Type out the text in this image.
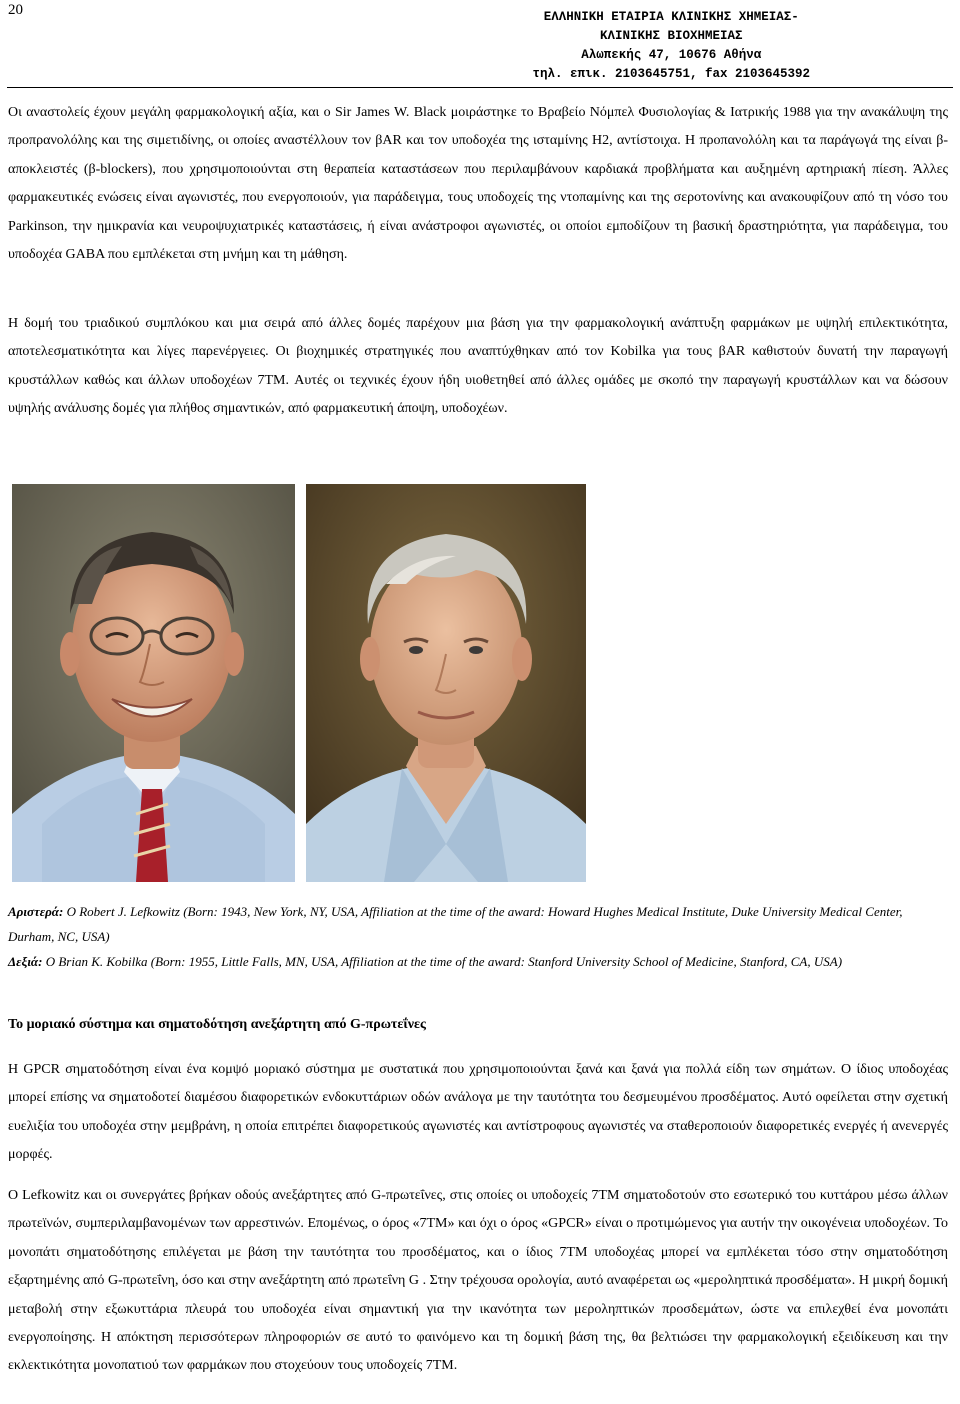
20	ΕΛΛΗΝΙΚΗ ΕΤΑΙΡΙΑ ΚΛΙΝΙΚΗΣ ΧΗΜΕΙΑΣ-
ΚΛΙΝΙΚΗΣ ΒΙΟΧΗΜΕΙΑΣ
Αλωπεκής 47, 10676 Αθήνα
τηλ. επικ. 2103645751, fax 2103645392

Οι αναστολείς έχουν μεγάλη φαρμακολογική αξία, και ο Sir James W. Black μοιράστηκε το Βραβείο Νόμπελ Φυσιολογίας & Ιατρικής 1988 για την ανακάλυψη της προπρανολόλης και της σιμετιδίνης, οι οποίες αναστέλλουν τον βAR και τον υποδοχέα της ισταμίνης H2, αντίστοιχα. Η προπανολόλη και τα παράγωγά της είναι β-αποκλειστές (β-blockers), που χρησιμοποιούνται στη θεραπεία καταστάσεων που περιλαμβάνουν καρδιακά προβλήματα και αυξημένη αρτηριακή πίεση. Άλλες φαρμακευτικές ενώσεις είναι αγωνιστές, που ενεργοποιούν, για παράδειγμα, τους υποδοχείς της ντοπαμίνης και της σεροτονίνης και ανακουφίζουν από τη νόσο του Parkinson, την ημικρανία και νευροψυχιατρικές καταστάσεις, ή είναι ανάστροφοι αγωνιστές, οι οποίοι εμποδίζουν τη βασική δραστηριότητα, για παράδειγμα, του υποδοχέα GABA που εμπλέκεται στη μνήμη και τη μάθηση.

Η δομή του τριαδικού συμπλόκου και μια σειρά από άλλες δομές παρέχουν μια βάση για την φαρμακολογική ανάπτυξη φαρμάκων με υψηλή επιλεκτικότητα, αποτελεσματικότητα και λίγες παρενέργειες. Οι βιοχημικές στρατηγικές που αναπτύχθηκαν από τον Kobilka για τους βAR καθιστούν δυνατή την παραγωγή κρυστάλλων καθώς και άλλων υποδοχέων 7TM. Αυτές οι τεχνικές έχουν ήδη υιοθετηθεί από άλλες ομάδες με σκοπό την παραγωγή κρυστάλλων και να δώσουν υψηλής ανάλυσης δομές για πλήθος σημαντικών, από φαρμακευτική άποψη, υποδοχέων.

Αριστερά: O Robert J. Lefkowitz (Born: 1943, New York, NY, USA, Affiliation at the time of the award: Howard Hughes Medical Institute, Duke University Medical Center, Durham, NC, USA)

Δεξιά: O Brian K. Kobilka (Born: 1955, Little Falls, MN, USA, Affiliation at the time of the award: Stanford University School of Medicine, Stanford, CA, USA)

Το μοριακό σύστημα και σηματοδότηση ανεξάρτητη από G-πρωτεΐνες

Η GPCR σηματοδότηση είναι ένα κομψό μοριακό σύστημα με συστατικά που χρησιμοποιούνται ξανά και ξανά για πολλά είδη των σημάτων. Ο ίδιος υποδοχέας μπορεί επίσης να σηματοδοτεί διαμέσου διαφορετικών ενδοκυττάριων οδών ανάλογα με την ταυτότητα του δεσμευμένου προσδέματος. Αυτό οφείλεται στην σχετική ευελιξία του υποδοχέα στην μεμβράνη, η οποία επιτρέπει διαφορετικούς αγωνιστές και αντίστροφους αγωνιστές να σταθεροποιούν διαφορετικές ενεργές ή ανενεργές μορφές.

Ο Lefkowitz και οι συνεργάτες βρήκαν οδούς ανεξάρτητες από G-πρωτεΐνες, στις οποίες οι υποδοχείς 7TM σηματοδοτούν στο εσωτερικό του κυττάρου μέσω άλλων πρωτεϊνών, συμπεριλαμβανομένων των αρρεστινών. Επομένως, ο όρος «7TM» και όχι ο όρος «GPCR» είναι ο προτιμώμενος για αυτήν την οικογένεια υποδοχέων. Το μονοπάτι σηματοδότησης επιλέγεται με βάση την ταυτότητα του προσδέματος, και ο ίδιος 7TM υποδοχέας μπορεί να εμπλέκεται τόσο στην σηματοδότηση εξαρτημένης από G-πρωτεΐνη, όσο και στην ανεξάρτητη από πρωτεΐνη G . Στην τρέχουσα ορολογία, αυτό αναφέρεται ως «μεροληπτικά προσδέματα». Η μικρή δομική μεταβολή στην εξωκυττάρια πλευρά του υποδοχέα είναι σημαντική για την ικανότητα των μεροληπτικών προσδεμάτων, ώστε να επιλεχθεί ένα μονοπάτι ενεργοποίησης. Η απόκτηση περισσότερων πληροφοριών σε αυτό το φαινόμενο και τη δομική βάση της, θα βελτιώσει την φαρμακολογική εξειδίκευση και την εκλεκτικότητα μονοπατιού των φαρμάκων που στοχεύουν τους υποδοχείς 7TM.
